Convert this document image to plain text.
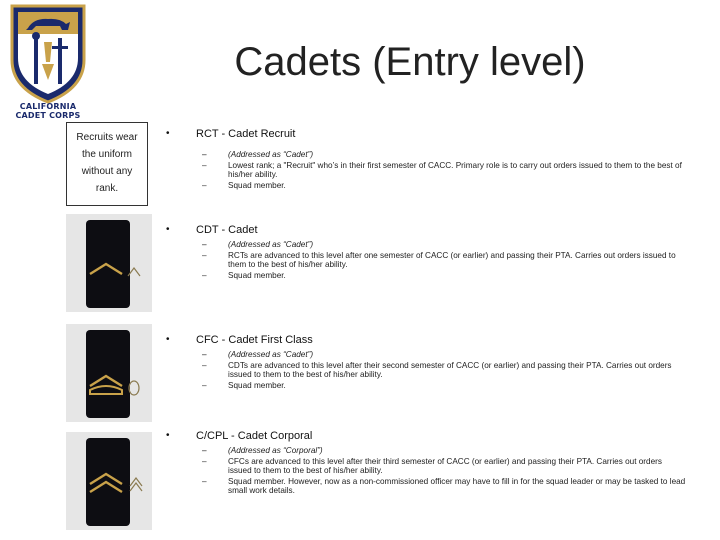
CALIFORNIA
CADET CORPS
Cadets (Entry level)
Recruits wear the uniform without any rank.
• RCT - Cadet Recruit
–	(Addressed as “Cadet”)
–	Lowest rank; a "Recruit" who’s in their first semester of CACC. Primary role is to carry out orders issued to them to the best of his/her ability.
–	Squad member.
• CDT - Cadet
–	(Addressed as “Cadet”)
–	RCTs are advanced to this level after one semester of CACC (or earlier) and passing their PTA. Carries out orders issued to them to the best of his/her ability.
–	Squad member.
• CFC - Cadet First Class
–	(Addressed as “Cadet”)
–	CDTs are advanced to this level after their second semester of CACC (or earlier) and passing their PTA. Carries out orders issued to them to the best of his/her ability.
–	Squad member.
• C/CPL - Cadet Corporal
–	(Addressed as “Corporal”)
–	CFCs are advanced to this level after their third semester of CACC (or earlier) and passing their PTA. Carries out orders issued to them to the best of his/her ability.
–	Squad member. However, now as a non-commissioned officer may have to fill in for the squad leader or may be tasked to lead small work details.
